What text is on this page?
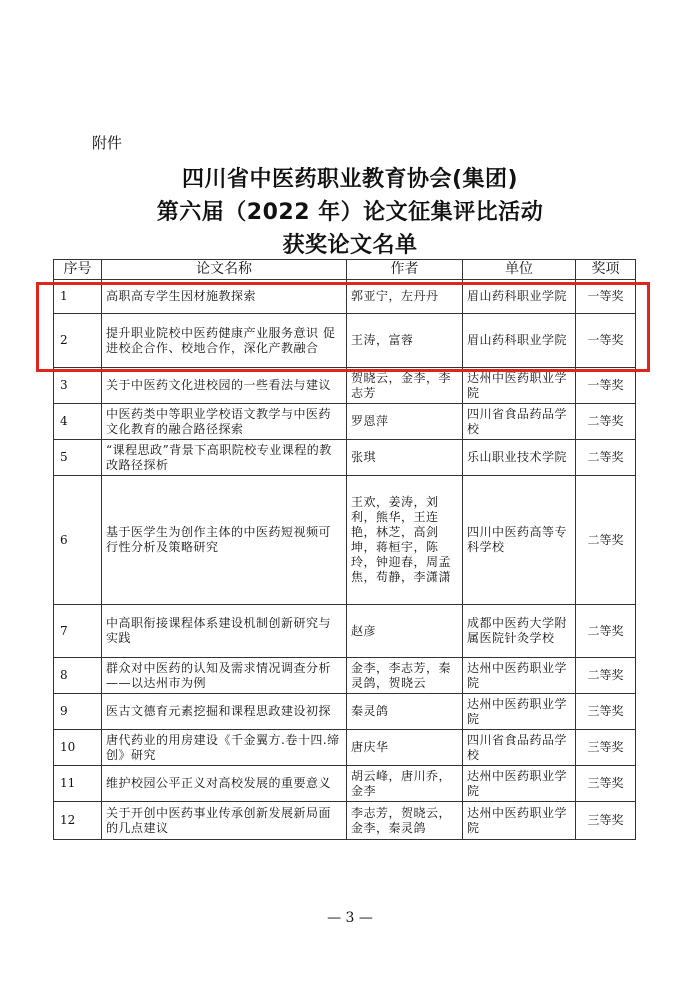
附件
四川省中医药职业教育协会(集团)
第六届（2022 年）论文征集评比活动
获奖论文名单
序号	论文名称	作者	单位	奖项
1	高职高专学生因材施教探索	郭亚宁，左丹丹	眉山药科职业学院	一等奖
2	提升职业院校中医药健康产业服务意识 促进校企合作、校地合作，深化产教融合	王涛，富蓉	眉山药科职业学院	一等奖
3	关于中医药文化进校园的一些看法与建议	贺晓云，金李，李志芳	达州中医药职业学院	一等奖
4	中医药类中等职业学校语文教学与中医药文化教育的融合路径探索	罗恩萍	四川省食品药品学校	二等奖
5	“课程思政”背景下高职院校专业课程的教改路径探析	张琪	乐山职业技术学院	二等奖
6	基于医学生为创作主体的中医药短视频可行性分析及策略研究	王欢，姜涛，刘利，熊华，王连艳，林芝，高剑坤，蒋桓宇，陈玲，钟迎春，周孟焦，苟静，李潇潇	四川中医药高等专科学校	二等奖
7	中高职衔接课程体系建设机制创新研究与实践	赵彦	成都中医药大学附属医院针灸学校	二等奖
8	群众对中医药的认知及需求情况调查分析——以达州市为例	金李，李志芳，秦灵鸽，贺晓云	达州中医药职业学院	二等奖
9	医古文德育元素挖掘和课程思政建设初探	秦灵鸽	达州中医药职业学院	三等奖
10	唐代药业的用房建设《千金翼方.卷十四.缔创》研究	唐庆华	四川省食品药品学校	三等奖
11	维护校园公平正义对高校发展的重要意义	胡云峰，唐川乔，金李	达州中医药职业学院	三等奖
12	关于开创中医药事业传承创新发展新局面的几点建议	李志芳，贺晓云，金李，秦灵鸽	达州中医药职业学院	三等奖
— 3 —
